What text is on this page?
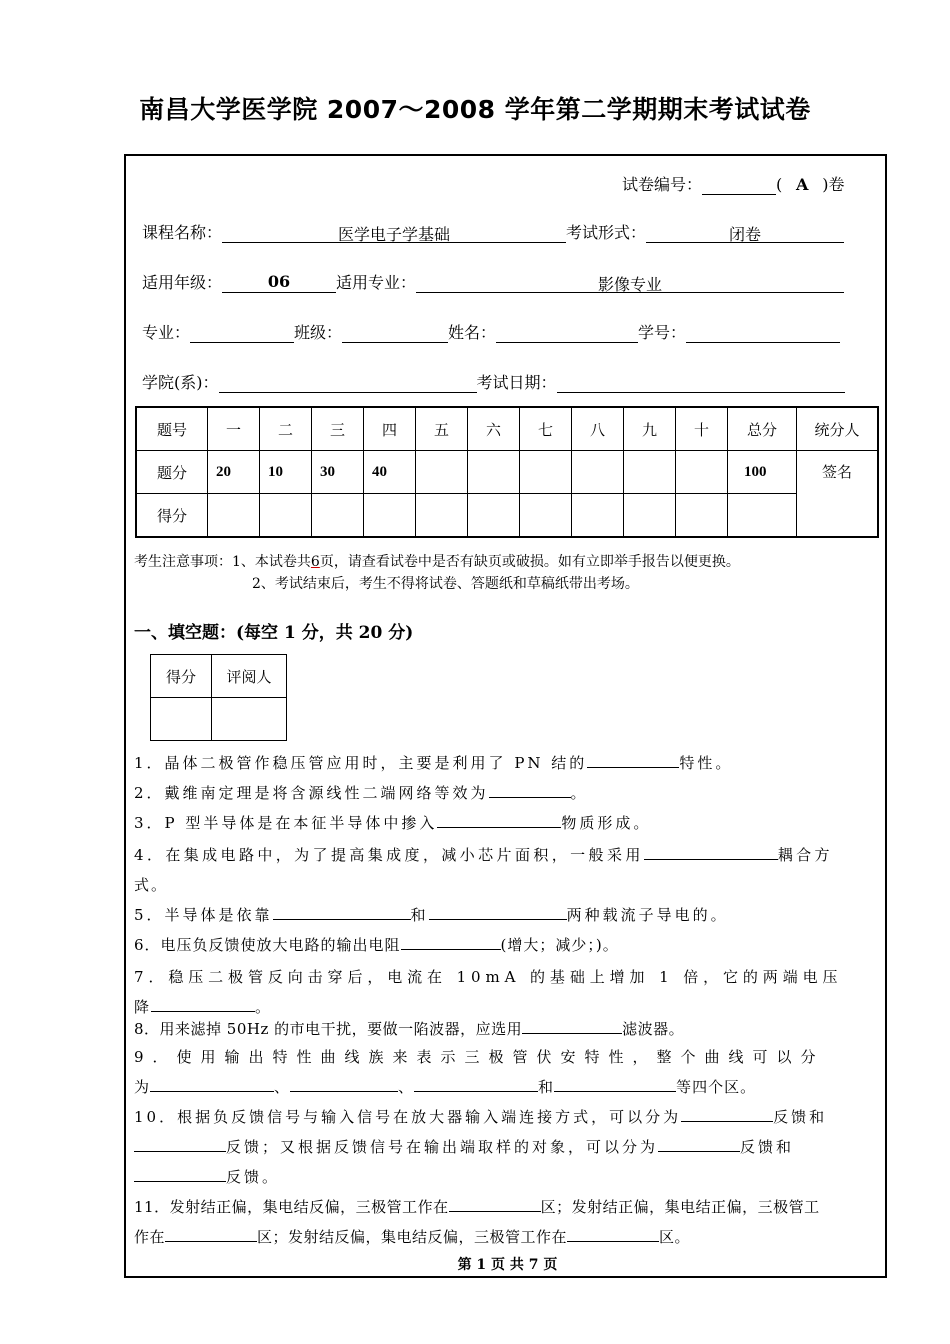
南昌大学医学院 2007～2008 学年第二学期期末考试试卷
试卷编号：	( A )卷
课程名称：	医学电子学基础	考试形式：	闭卷
适用年级：	06	适用专业：	影像专业
专业：	班级：	姓名：	学号：
学院(系)：	考试日期：
题号	一	二	三	四	五	六	七	八	九	十	总分	统分人
题分	20	10	30	40							100	签名
得分												
考生注意事项：1、本试卷共6页，请查看试卷中是否有缺页或破损。如有立即举手报告以便更换。
2、考试结束后，考生不得将试卷、答题纸和草稿纸带出考场。
一、填空题：(每空 1 分，共 20 分)
得分	评阅人

1．晶体二极管作稳压管应用时，主要是利用了 PN 结的	特性。
2．戴维南定理是将含源线性二端网络等效为	。
3．P 型半导体是在本征半导体中掺入	物质形成。
4．在集成电路中，为了提高集成度，减小芯片面积，一般采用	耦合方
式。
5．半导体是依靠	和	两种载流子导电的。
6．电压负反馈使放大电路的输出电阻	(增大；减少；)。
7．稳压二极管反向击穿后，电流在 10mA 的基础上增加 1 倍，它的两端电压
降	。
8．用来滤掉 50Hz 的市电干扰，要做一陷波器，应选用	滤波器。
9．使用输出特性曲线族来表示三极管伏安特性，整个曲线可以分
为	、	、	和	等四个区。
10．根据负反馈信号与输入信号在放大器输入端连接方式，可以分为	反馈和
反馈；又根据反馈信号在输出端取样的对象，可以分为	反馈和
反馈。
11．发射结正偏，集电结反偏，三极管工作在	区；发射结正偏，集电结正偏，三极管工
作在	区；发射结反偏，集电结反偏，三极管工作在	区。
第 1 页 共 7 页
